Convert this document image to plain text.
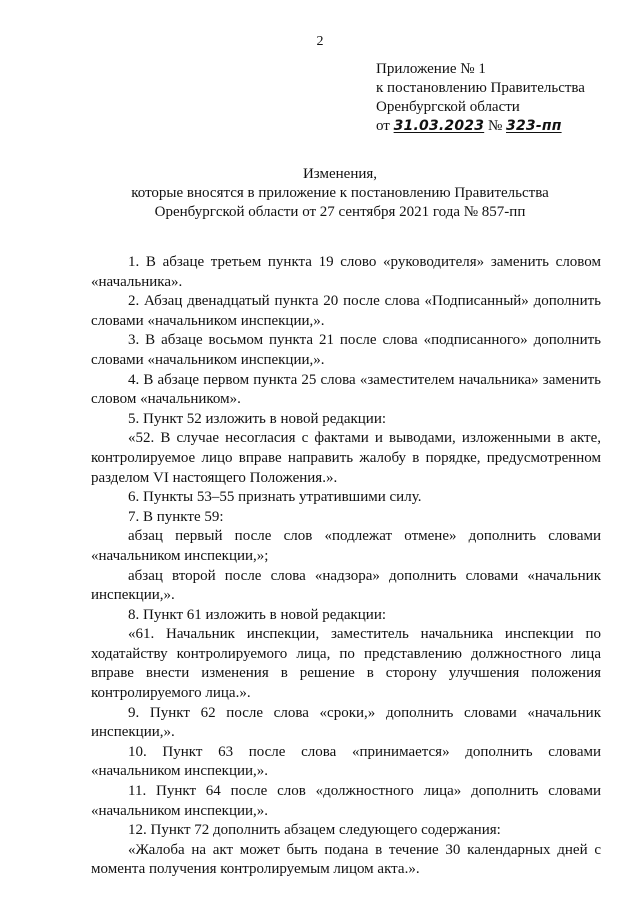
2
Приложение № 1
к постановлению Правительства
Оренбургской области
от 31.03.2023 № 323-пп
Изменения,
которые вносятся в приложение к постановлению Правительства
Оренбургской области от 27 сентября 2021 года № 857-пп

1. В абзаце третьем пункта 19 слово «руководителя» заменить словом «начальника».

2. Абзац двенадцатый пункта 20 после слова «Подписанный» дополнить словами «начальником инспекции,».

3. В абзаце восьмом пункта 21 после слова «подписанного» дополнить словами «начальником инспекции,».

4. В абзаце первом пункта 25 слова «заместителем начальника» заменить словом «начальником».

5. Пункт 52 изложить в новой редакции:

«52. В случае несогласия с фактами и выводами, изложенными в акте, контролируемое лицо вправе направить жалобу в порядке, предусмотренном разделом VI настоящего Положения.».

6. Пункты 53–55 признать утратившими силу.

7. В пункте 59:

абзац первый после слов «подлежат отмене» дополнить словами «начальником инспекции,»;

абзац второй после слова «надзора» дополнить словами «начальник инспекции,».

8. Пункт 61 изложить в новой редакции:

«61. Начальник инспекции, заместитель начальника инспекции по ходатайству контролируемого лица, по представлению должностного лица вправе внести изменения в решение в сторону улучшения положения контролируемого лица.».

9. Пункт 62 после слова «сроки,» дополнить словами «начальник инспекции,».

10. Пункт 63 после слова «принимается» дополнить словами «начальником инспекции,».

11. Пункт 64 после слов «должностного лица» дополнить словами «начальником инспекции,».

12. Пункт 72 дополнить абзацем следующего содержания:

«Жалоба на акт может быть подана в течение 30 календарных дней с момента получения контролируемым лицом акта.».
